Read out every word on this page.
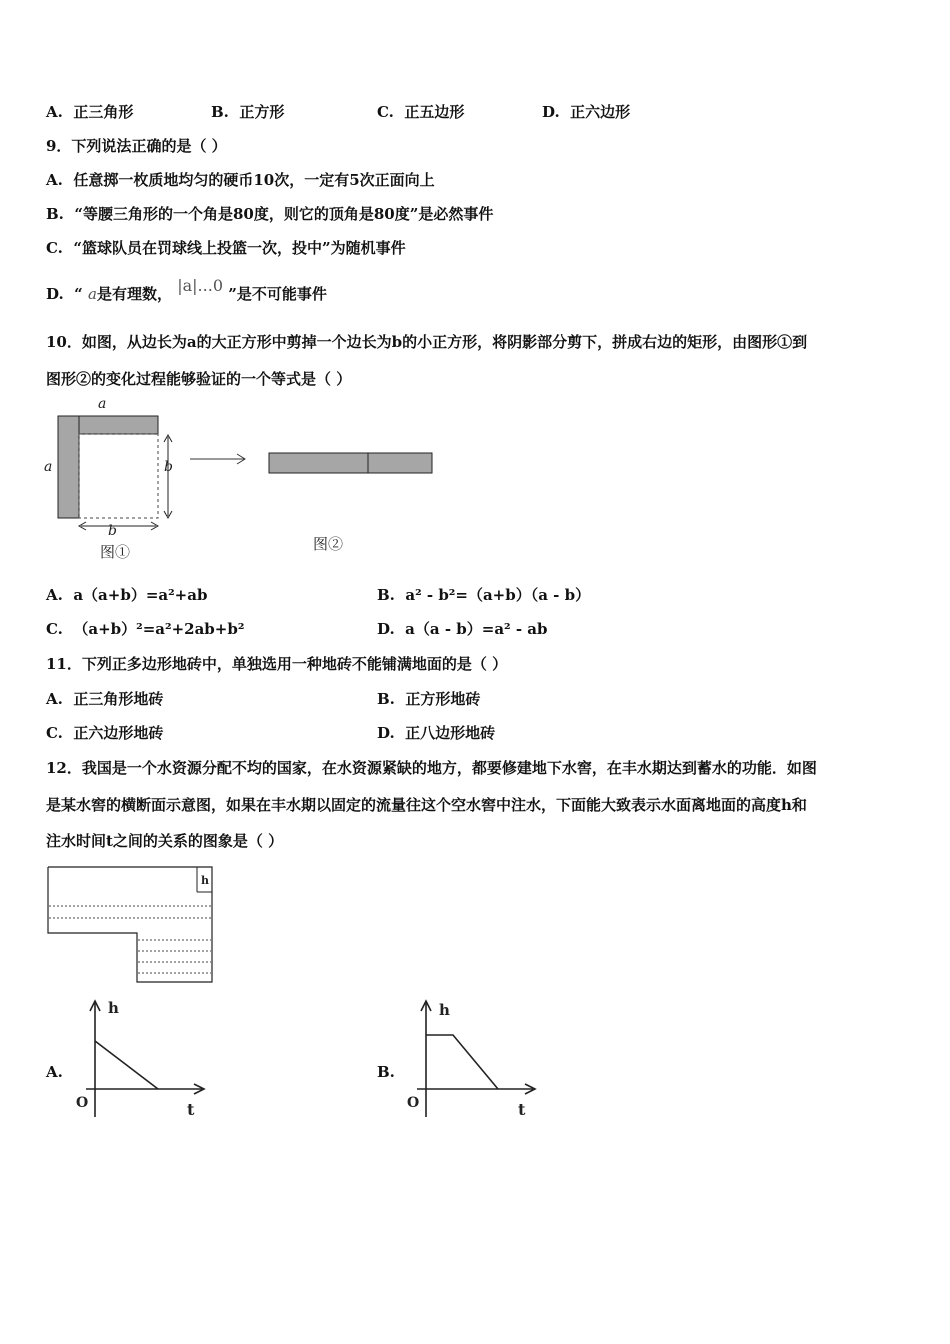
A. 正三角形	B. 正方形	C. 正五边形	D. 正六边形
9．下列说法正确的是（ ）
A. 任意掷一枚质地均匀的硬币10次，一定有5次正面向上
B. “等腰三角形的一个角是80度，则它的顶角是80度”是必然事件
C. “篮球队员在罚球线上投篮一次，投中”为随机事件
D. “ a是有理数， |a|...0 ”是不可能事件
10．如图，从边长为a的大正方形中剪掉一个边长为b的小正方形，将阴影部分剪下，拼成右边的矩形，由图形①到
图形②的变化过程能够验证的一个等式是（ ）
a
a	b
b
图①	图②
A. a（a+b）=a²+ab	B. a² - b²=（a+b）（a - b）
C. （a+b）²=a²+2ab+b²	D. a（a - b）=a² - ab
11．下列正多边形地砖中，单独选用一种地砖不能铺满地面的是（ ）
A. 正三角形地砖	B. 正方形地砖
C. 正六边形地砖	D. 正八边形地砖
12．我国是一个水资源分配不均的国家，在水资源紧缺的地方，都要修建地下水窖，在丰水期达到蓄水的功能．如图
是某水窖的横断面示意图，如果在丰水期以固定的流量往这个空水窖中注水，下面能大致表示水面离地面的高度h和
注水时间t之间的关系的图象是（ ）
h
A.
h
t
O
B.
h
t
O
